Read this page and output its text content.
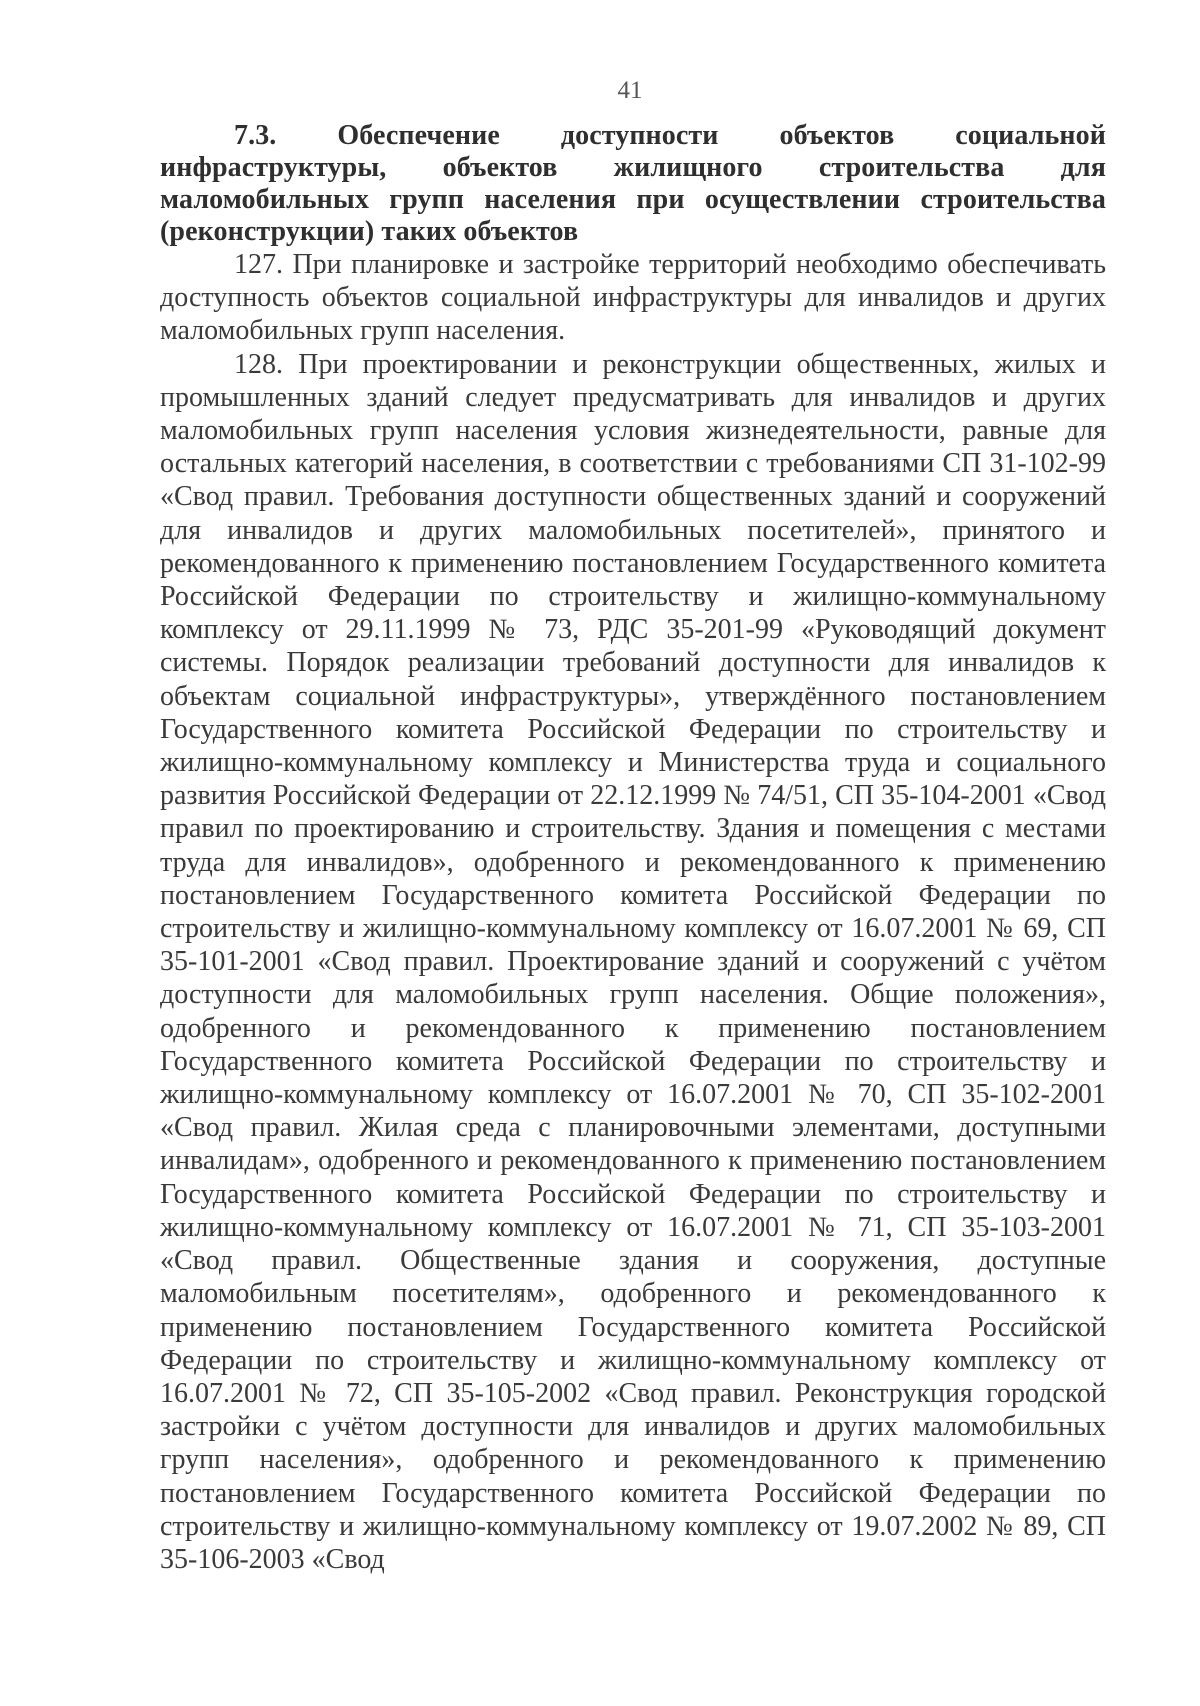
41

7.3. Обеспечение доступности объектов социальной инфраструктуры, объектов жилищного строительства для маломобильных групп населения при осуществлении строительства (реконструкции) таких объектов

127. При планировке и застройке территорий необходимо обеспечивать доступность объектов социальной инфраструктуры для инвалидов и других маломобильных групп населения.

128. При проектировании и реконструкции общественных, жилых и промышленных зданий следует предусматривать для инвалидов и других маломобильных групп населения условия жизнедеятельности, равные для остальных категорий населения, в соответствии с требованиями СП 31-102-99 «Свод правил. Требования доступности общественных зданий и сооружений для инвалидов и других маломобильных посетителей», принятого и рекомендованного к применению постановлением Государственного комитета Российской Федерации по строительству и жилищно-коммунальному комплексу от 29.11.1999 № 73, РДС 35-201-99 «Руководящий документ системы. Порядок реализации требований доступности для инвалидов к объектам социальной инфраструктуры», утверждённого постановлением Государственного комитета Российской Федерации по строительству и жилищно-коммунальному комплексу и Министерства труда и социального развития Российской Федерации от 22.12.1999 № 74/51, СП 35-104-2001 «Свод правил по проектированию и строительству. Здания и помещения с местами труда для инвалидов», одобренного и рекомендованного к применению постановлением Государственного комитета Российской Федерации по строительству и жилищно-коммунальному комплексу от 16.07.2001 № 69, СП 35-101-2001 «Свод правил. Проектирование зданий и сооружений с учётом доступности для маломобильных групп населения. Общие положения», одобренного и рекомендованного к применению постановлением Государственного комитета Российской Федерации по строительству и жилищно-коммунальному комплексу от 16.07.2001 № 70, СП 35-102-2001 «Свод правил. Жилая среда с планировочными элементами, доступными инвалидам», одобренного и рекомендованного к применению постановлением Государственного комитета Российской Федерации по строительству и жилищно-коммунальному комплексу от 16.07.2001 № 71, СП 35-103-2001 «Свод правил. Общественные здания и сооружения, доступные маломобильным посетителям», одобренного и рекомендованного к применению постановлением Государственного комитета Российской Федерации по строительству и жилищно-коммунальному комплексу от 16.07.2001 № 72, СП 35-105-2002 «Свод правил. Реконструкция городской застройки с учётом доступности для инвалидов и других маломобильных групп населения», одобренного и рекомендованного к применению постановлением Государственного комитета Российской Федерации по строительству и жилищно-коммунальному комплексу от 19.07.2002 № 89, СП 35-106-2003 «Свод
